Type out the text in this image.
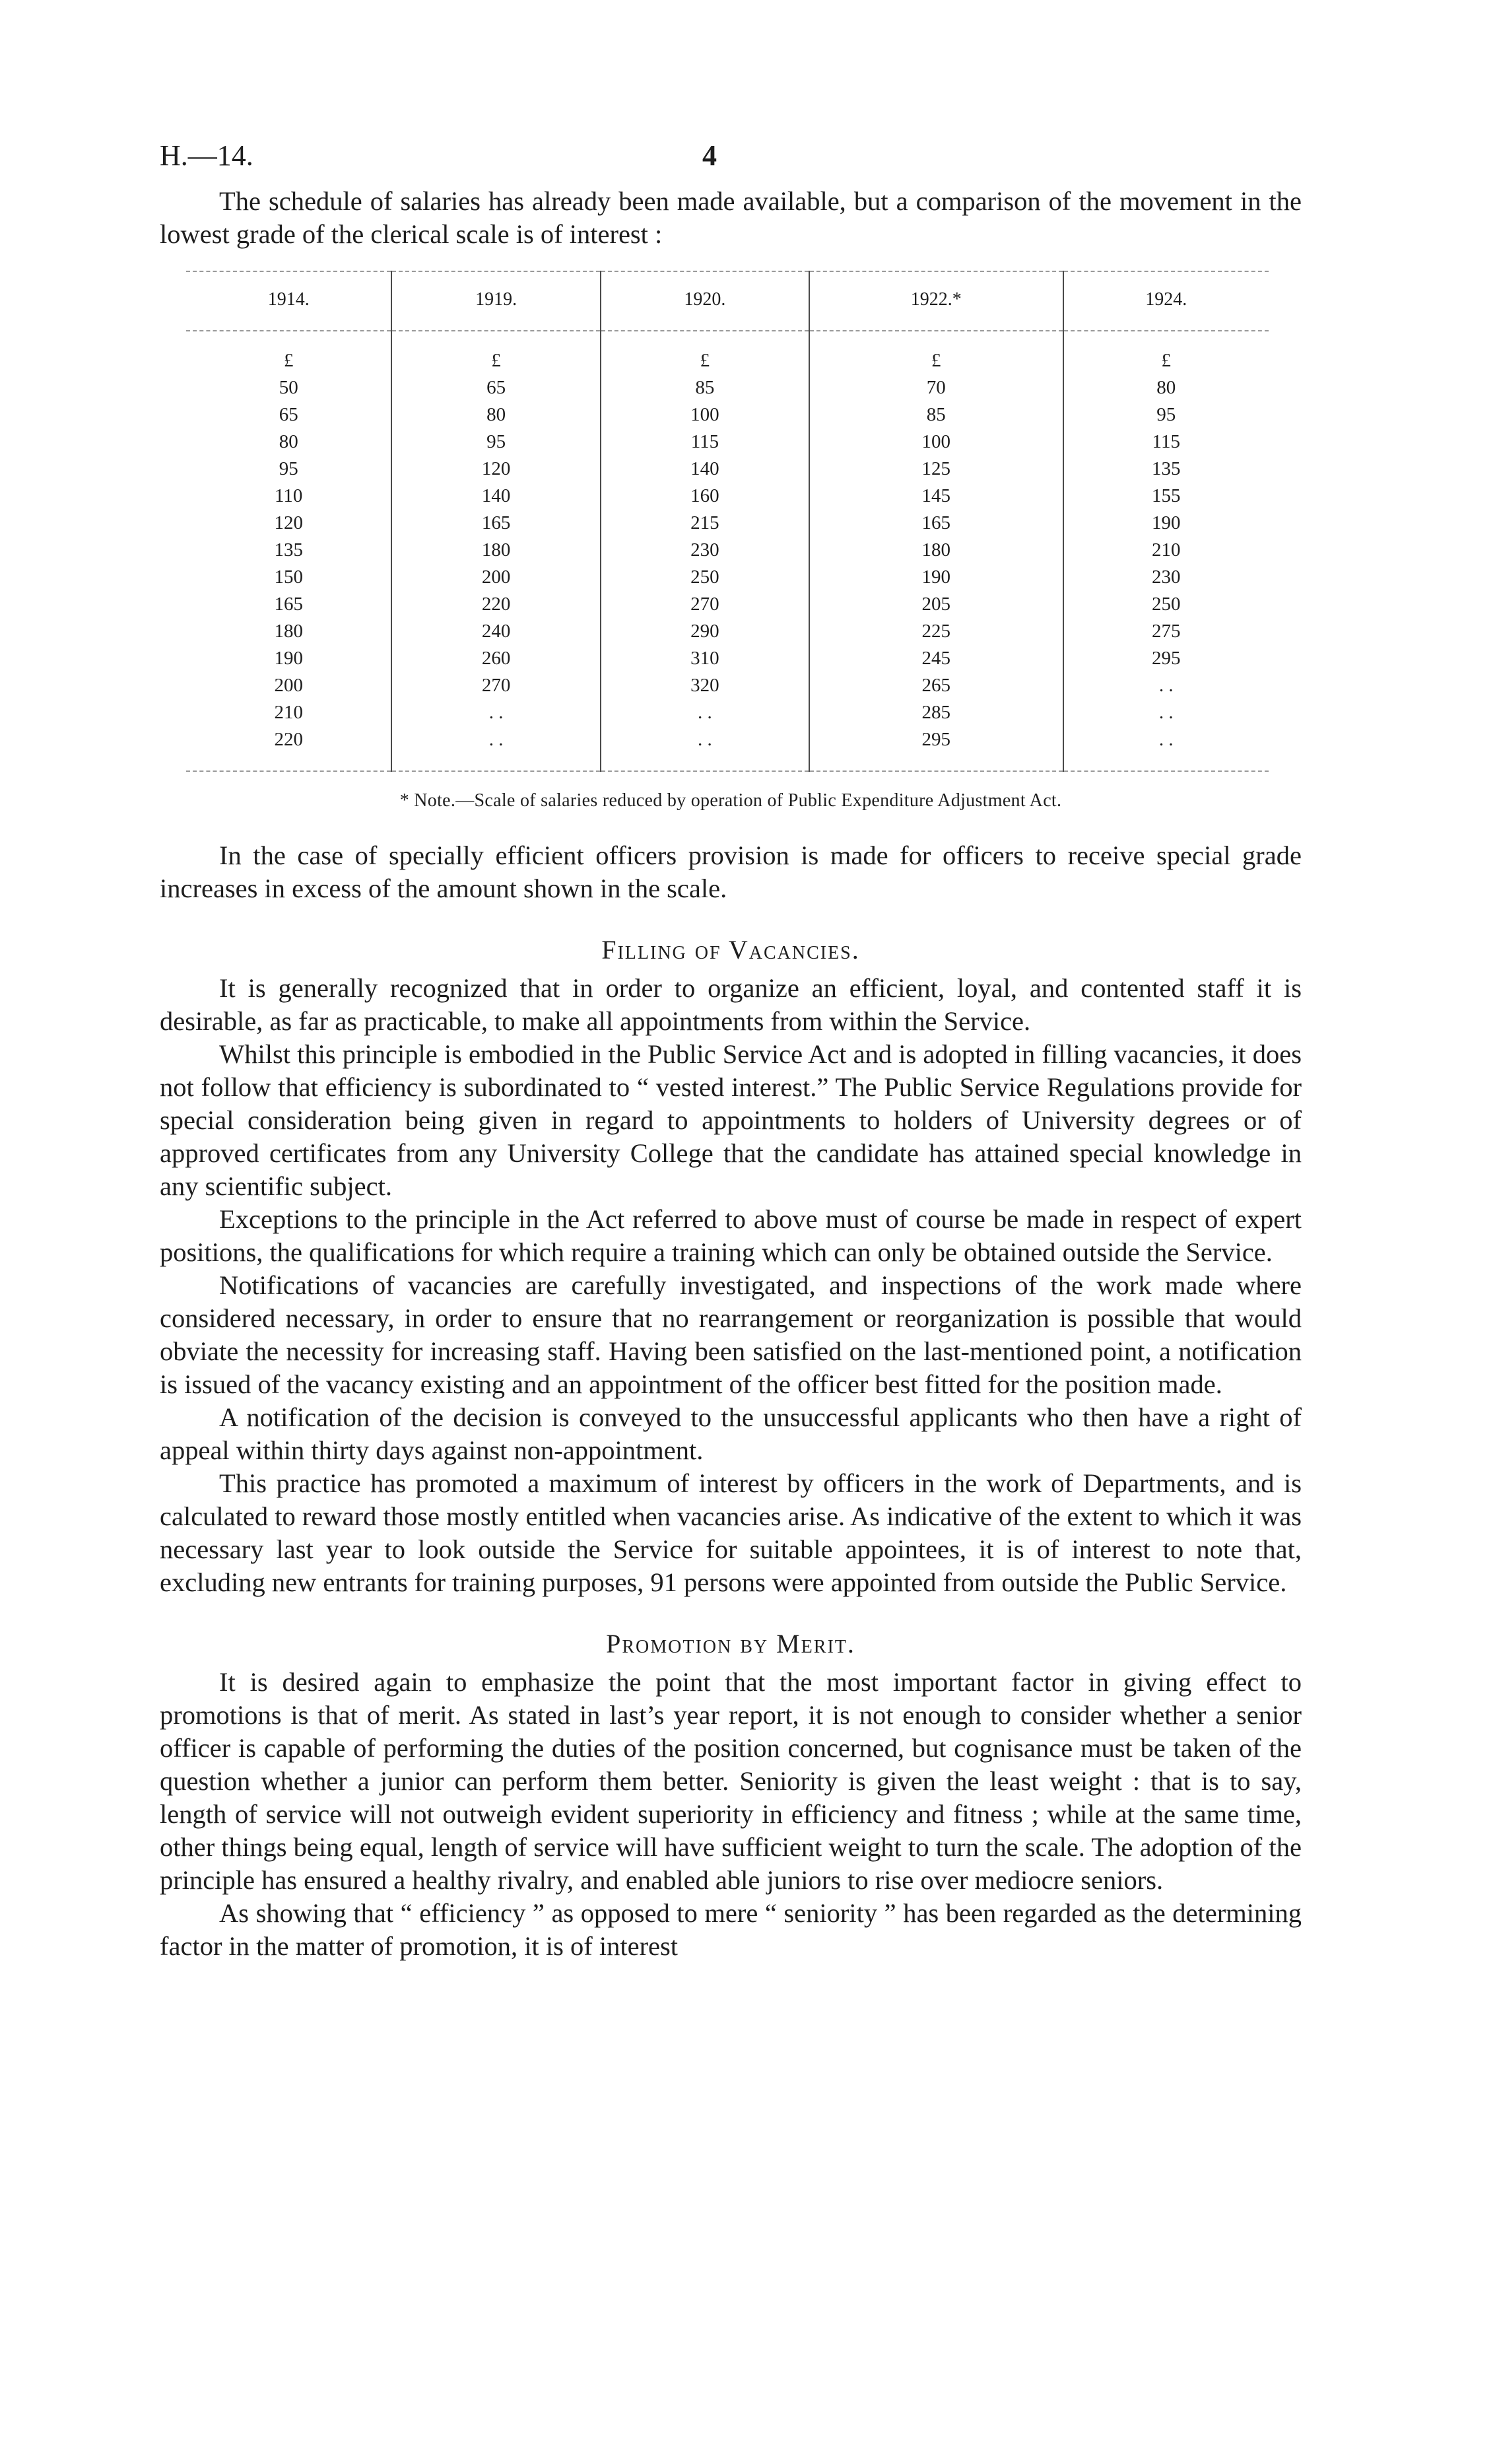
H.—14.	4

The schedule of salaries has already been made available, but a comparison of the movement in the lowest grade of the clerical scale is of interest :

1914.	1919.	1920.	1922.*	1924.
£	£	£	£	£
50	65	85	70	80
65	80	100	85	95
80	95	115	100	115
95	120	140	125	135
110	140	160	145	155
120	165	215	165	190
135	180	230	180	210
150	200	250	190	230
165	220	270	205	250
180	240	290	225	275
190	260	310	245	295
200	270	320	265	. .
210	. .	. .	285	. .
220	. .	. .	295	. .
* Note.—Scale of salaries reduced by operation of Public Expenditure Adjustment Act.

In the case of specially efficient officers provision is made for officers to receive special grade increases in excess of the amount shown in the scale.

Filling of Vacancies.

It is generally recognized that in order to organize an efficient, loyal, and contented staff it is desirable, as far as practicable, to make all appointments from within the Service.

Whilst this principle is embodied in the Public Service Act and is adopted in filling vacancies, it does not follow that efficiency is subordinated to “ vested interest.” The Public Service Regulations provide for special consideration being given in regard to appointments to holders of University degrees or of approved certificates from any University College that the candidate has attained special knowledge in any scientific subject.

Exceptions to the principle in the Act referred to above must of course be made in respect of expert positions, the qualifications for which require a training which can only be obtained outside the Service.

Notifications of vacancies are carefully investigated, and inspections of the work made where considered necessary, in order to ensure that no rearrangement or reorganization is possible that would obviate the necessity for increasing staff. Having been satisfied on the last-mentioned point, a notification is issued of the vacancy existing and an appointment of the officer best fitted for the position made.

A notification of the decision is conveyed to the unsuccessful applicants who then have a right of appeal within thirty days against non-appointment.

This practice has promoted a maximum of interest by officers in the work of Departments, and is calculated to reward those mostly entitled when vacancies arise. As indicative of the extent to which it was necessary last year to look outside the Service for suitable appointees, it is of interest to note that, excluding new entrants for training purposes, 91 persons were appointed from outside the Public Service.

Promotion by Merit.

It is desired again to emphasize the point that the most important factor in giving effect to promotions is that of merit. As stated in last’s year report, it is not enough to consider whether a senior officer is capable of performing the duties of the position concerned, but cognisance must be taken of the question whether a junior can perform them better. Seniority is given the least weight : that is to say, length of service will not outweigh evident superiority in efficiency and fitness ; while at the same time, other things being equal, length of service will have sufficient weight to turn the scale. The adoption of the principle has ensured a healthy rivalry, and enabled able juniors to rise over mediocre seniors.

As showing that “ efficiency ” as opposed to mere “ seniority ” has been regarded as the determining factor in the matter of promotion, it is of interest
